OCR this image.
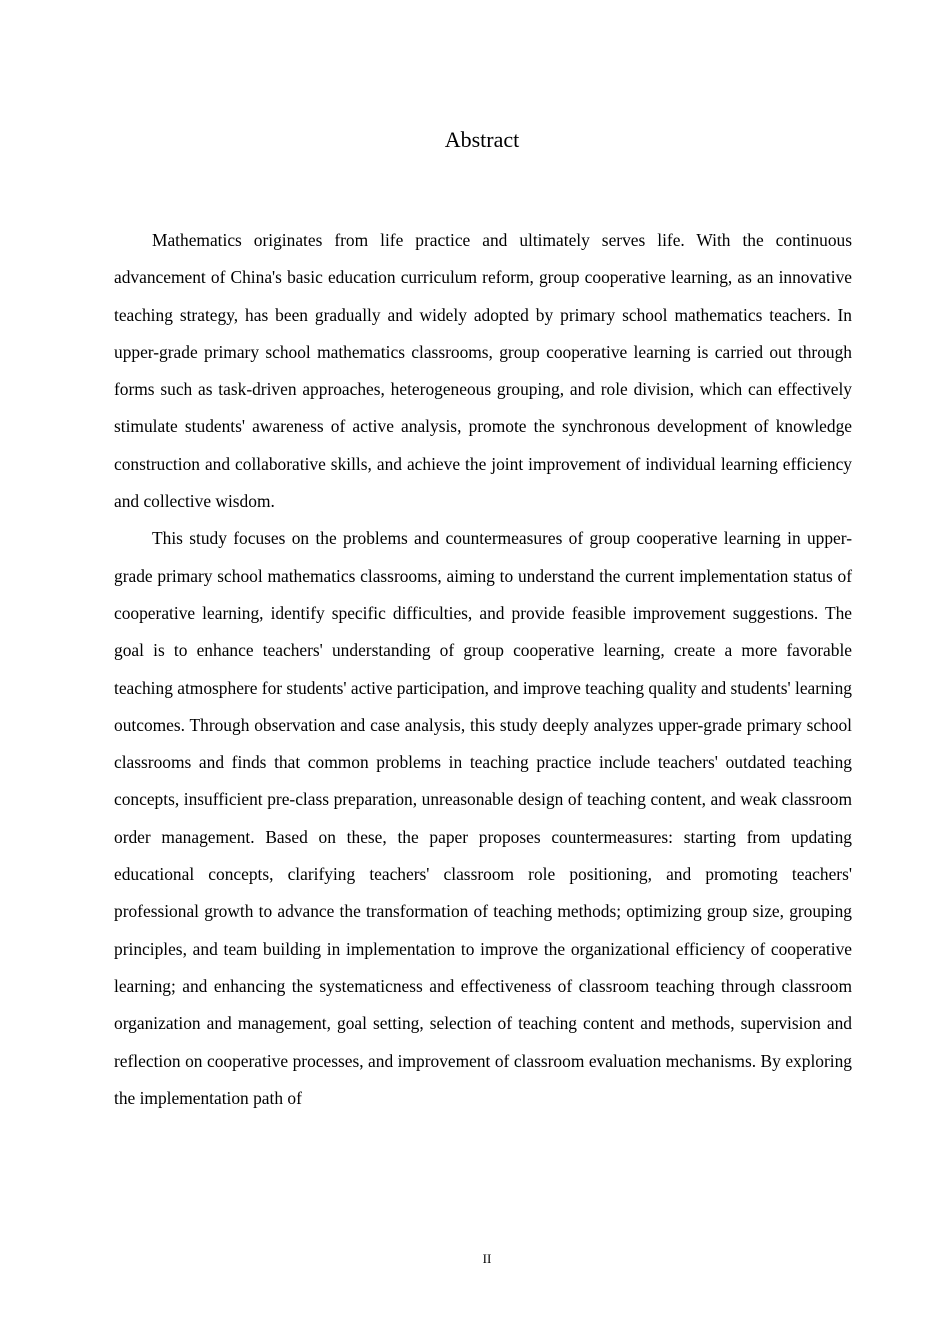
Abstract

Mathematics originates from life practice and ultimately serves life. With the continuous advancement of China's basic education curriculum reform, group cooperative learning, as an innovative teaching strategy, has been gradually and widely adopted by primary school mathematics teachers. In upper-grade primary school mathematics classrooms, group cooperative learning is carried out through forms such as task-driven approaches, heterogeneous grouping, and role division, which can effectively stimulate students' awareness of active analysis, promote the synchronous development of knowledge construction and collaborative skills, and achieve the joint improvement of individual learning efficiency and collective wisdom.

This study focuses on the problems and countermeasures of group cooperative learning in upper-grade primary school mathematics classrooms, aiming to understand the current implementation status of cooperative learning, identify specific difficulties, and provide feasible improvement suggestions. The goal is to enhance teachers' understanding of group cooperative learning, create a more favorable teaching atmosphere for students' active participation, and improve teaching quality and students' learning outcomes. Through observation and case analysis, this study deeply analyzes upper-grade primary school classrooms and finds that common problems in teaching practice include teachers' outdated teaching concepts, insufficient pre-class preparation, unreasonable design of teaching content, and weak classroom order management. Based on these, the paper proposes countermeasures: starting from updating educational concepts, clarifying teachers' classroom role positioning, and promoting teachers' professional growth to advance the transformation of teaching methods; optimizing group size, grouping principles, and team building in implementation to improve the organizational efficiency of cooperative learning; and enhancing the systematicness and effectiveness of classroom teaching through classroom organization and management, goal setting, selection of teaching content and methods, supervision and reflection on cooperative processes, and improvement of classroom evaluation mechanisms. By exploring the implementation path of

II
